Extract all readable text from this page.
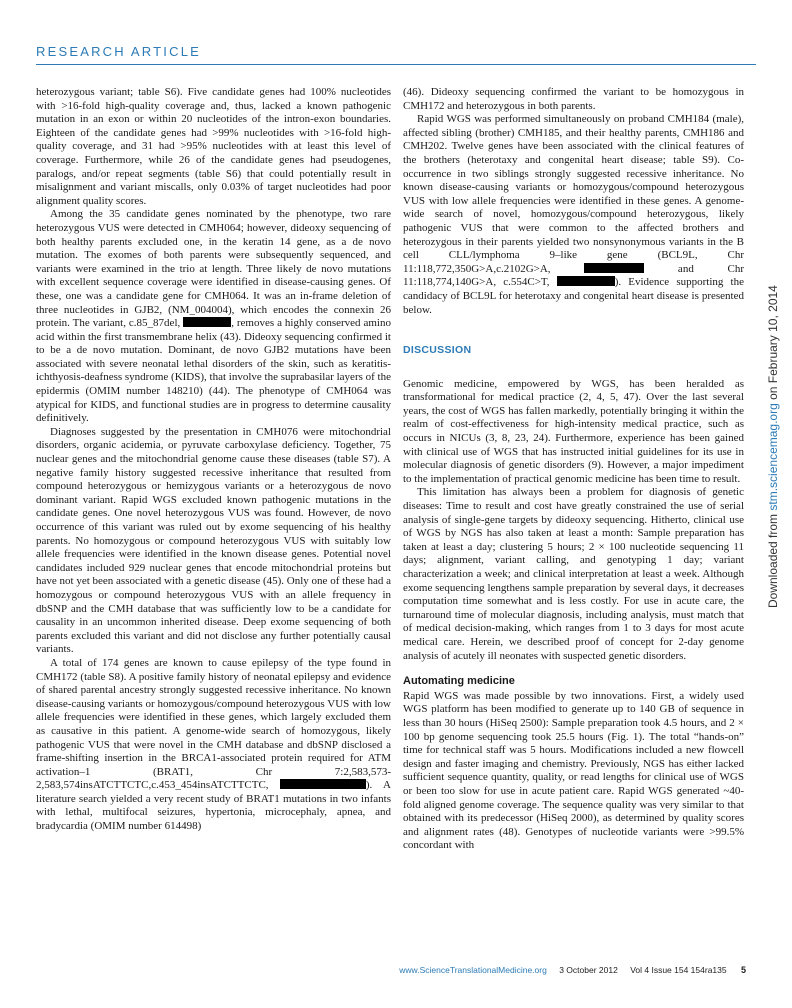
RESEARCH ARTICLE

heterozygous variant; table S6). Five candidate genes had 100% nucleotides with >16-fold high-quality coverage and, thus, lacked a known pathogenic mutation in an exon or within 20 nucleotides of the intron-exon boundaries. Eighteen of the candidate genes had >99% nucleotides with >16-fold high-quality coverage, and 31 had >95% nucleotides with at least this level of coverage. Furthermore, while 26 of the candidate genes had pseudogenes, paralogs, and/or repeat segments (table S6) that could potentially result in misalignment and variant miscalls, only 0.03% of target nucleotides had poor alignment quality scores.

Among the 35 candidate genes nominated by the phenotype, two rare heterozygous VUS were detected in CMH064; however, dideoxy sequencing of both healthy parents excluded one, in the keratin 14 gene, as a de novo mutation. The exomes of both parents were subsequently sequenced, and variants were examined in the trio at length. Three likely de novo mutations with excellent sequence coverage were identified in disease-causing genes. Of these, one was a candidate gene for CMH064. It was an in-frame deletion of three nucleotides in GJB2, (NM_004004), which encodes the connexin 26 protein. The variant, c.85_87del,	, removes a highly conserved amino acid within the first transmembrane helix (43). Dideoxy sequencing confirmed it to be a de novo mutation. Dominant, de novo GJB2 mutations have been associated with severe neonatal lethal disorders of the skin, such as keratitis-ichthyosis-deafness syndrome (KIDS), that involve the suprabasilar layers of the epidermis (OMIM number 148210) (44). The phenotype of CMH064 was atypical for KIDS, and functional studies are in progress to determine causality definitively.

Diagnoses suggested by the presentation in CMH076 were mitochondrial disorders, organic acidemia, or pyruvate carboxylase deficiency. Together, 75 nuclear genes and the mitochondrial genome cause these diseases (table S7). A negative family history suggested recessive inheritance that resulted from compound heterozygous or hemizygous variants or a heterozygous de novo dominant variant. Rapid WGS excluded known pathogenic mutations in the candidate genes. One novel heterozygous VUS was found. However, de novo occurrence of this variant was ruled out by exome sequencing of his healthy parents. No homozygous or compound heterozygous VUS with suitably low allele frequencies were identified in the known disease genes. Potential novel candidates included 929 nuclear genes that encode mitochondrial proteins but have not yet been associated with a genetic disease (45). Only one of these had a homozygous or compound heterozygous VUS with an allele frequency in dbSNP and the CMH database that was sufficiently low to be a candidate for causality in an uncommon inherited disease. Deep exome sequencing of both parents excluded this variant and did not disclose any further potentially causal variants.

A total of 174 genes are known to cause epilepsy of the type found in CMH172 (table S8). A positive family history of neonatal epilepsy and evidence of shared parental ancestry strongly suggested recessive inheritance. No known disease-causing variants or homozygous/compound heterozygous VUS with low allele frequencies were identified in these genes, which largely excluded them as causative in this patient. A genome-wide search of homozygous, likely pathogenic VUS that were novel in the CMH database and dbSNP disclosed a frame-shifting insertion in the BRCA1-associated protein required for ATM activation–1 (BRAT1, Chr 7:2,583,573-2,583,574insATCTTCTC,c.453_454insATCTTCTC,	). A literature search yielded a very recent study of BRAT1 mutations in two infants with lethal, multifocal seizures, hypertonia, microcephaly, apnea, and bradycardia (OMIM number 614498)

(46). Dideoxy sequencing confirmed the variant to be homozygous in CMH172 and heterozygous in both parents.

Rapid WGS was performed simultaneously on proband CMH184 (male), affected sibling (brother) CMH185, and their healthy parents, CMH186 and CMH202. Twelve genes have been associated with the clinical features of the brothers (heterotaxy and congenital heart disease; table S9). Co-occurrence in two siblings strongly suggested recessive inheritance. No known disease-causing variants or homozygous/compound heterozygous VUS with low allele frequencies were identified in these genes. A genome-wide search of novel, homozygous/compound heterozygous, likely pathogenic VUS that were common to the affected brothers and heterozygous in their parents yielded two nonsynonymous variants in the B cell CLL/lymphoma 9–like gene (BCL9L, Chr 11:118,772,350G>A,c.2102G>A,	and Chr 11:118,774,140G>A, c.554C>T,	). Evidence supporting the candidacy of BCL9L for heterotaxy and congenital heart disease is presented below.

DISCUSSION

Genomic medicine, empowered by WGS, has been heralded as transformational for medical practice (2, 4, 5, 47). Over the last several years, the cost of WGS has fallen markedly, potentially bringing it within the realm of cost-effectiveness for high-intensity medical practice, such as occurs in NICUs (3, 8, 23, 24). Furthermore, experience has been gained with clinical use of WGS that has instructed initial guidelines for its use in molecular diagnosis of genetic disorders (9). However, a major impediment to the implementation of practical genomic medicine has been time to result.

This limitation has always been a problem for diagnosis of genetic diseases: Time to result and cost have greatly constrained the use of serial analysis of single-gene targets by dideoxy sequencing. Hitherto, clinical use of WGS by NGS has also taken at least a month: Sample preparation has taken at least a day; clustering 5 hours; 2 × 100 nucleotide sequencing 11 days; alignment, variant calling, and genotyping 1 day; variant characterization a week; and clinical interpretation at least a week. Although exome sequencing lengthens sample preparation by several days, it decreases computation time somewhat and is less costly. For use in acute care, the turnaround time of molecular diagnosis, including analysis, must match that of medical decision-making, which ranges from 1 to 3 days for most acute medical care. Herein, we described proof of concept for 2-day genome analysis of acutely ill neonates with suspected genetic disorders.

Automating medicine

Rapid WGS was made possible by two innovations. First, a widely used WGS platform has been modified to generate up to 140 GB of sequence in less than 30 hours (HiSeq 2500): Sample preparation took 4.5 hours, and 2 × 100 bp genome sequencing took 25.5 hours (Fig. 1). The total “hands-on” time for technical staff was 5 hours. Modifications included a new flowcell design and faster imaging and chemistry. Previously, NGS has either lacked sufficient sequence quantity, quality, or read lengths for clinical use of WGS or been too slow for use in acute patient care. Rapid WGS generated ~40-fold aligned genome coverage. The sequence quality was very similar to that obtained with its predecessor (HiSeq 2000), as determined by quality scores and alignment rates (48). Genotypes of nucleotide variants were >99.5% concordant with

Downloaded from stm.sciencemag.org on February 10, 2014
www.ScienceTranslationalMedicine.org 3 October 2012 Vol 4 Issue 154 154ra135 5
